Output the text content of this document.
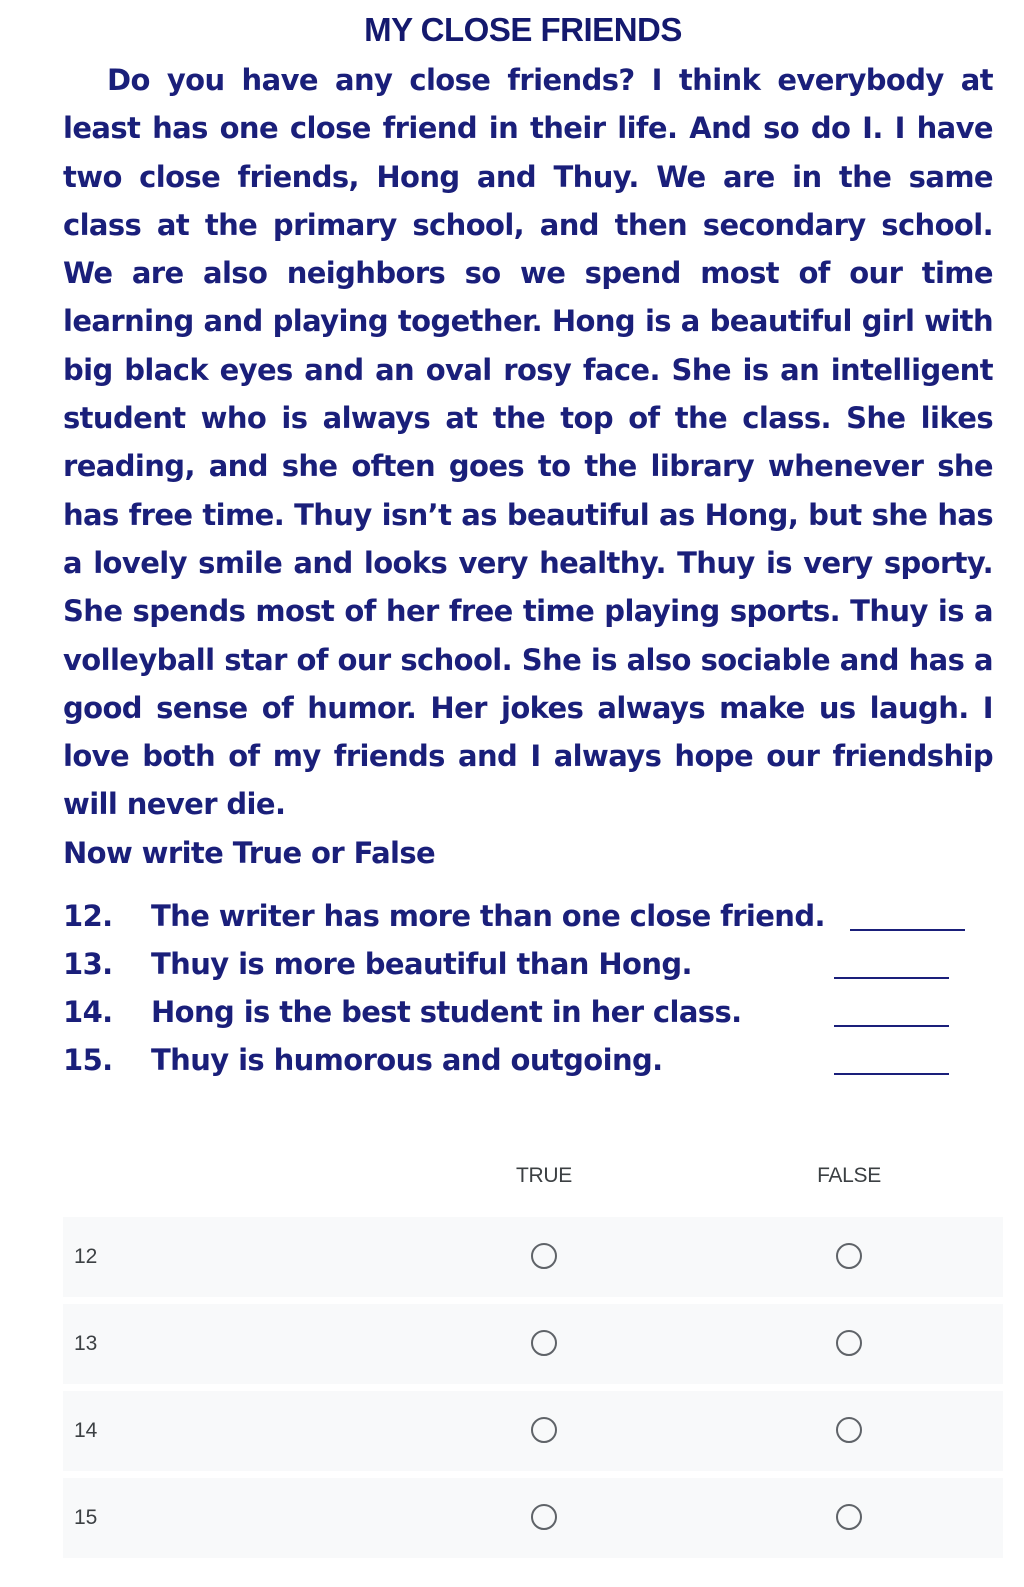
MY CLOSE FRIENDS

Do you have any close friends? I think everybody at least has one close friend in their life. And so do I. I have two close friends, Hong and Thuy. We are in the same class at the primary school, and then secondary school. We are also neighbors so we spend most of our time learning and playing together. Hong is a beautiful girl with big black eyes and an oval rosy face. She is an intelligent student who is always at the top of the class. She likes reading, and she often goes to the library whenever she has free time. Thuy isn’t as beautiful as Hong, but she has a lovely smile and looks very healthy. Thuy is very sporty. She spends most of her free time playing sports. Thuy is a volleyball star of our school. She is also sociable and has a good sense of humor. Her jokes always make us laugh. I love both of my friends and I always hope our friendship will never die.

Now write True or False

12. The writer has more than one close friend.
13. Thuy is more beautiful than Hong.
14. Hong is the best student in her class.
15. Thuy is humorous and outgoing.
TRUE	FALSE
12
13
14
15
